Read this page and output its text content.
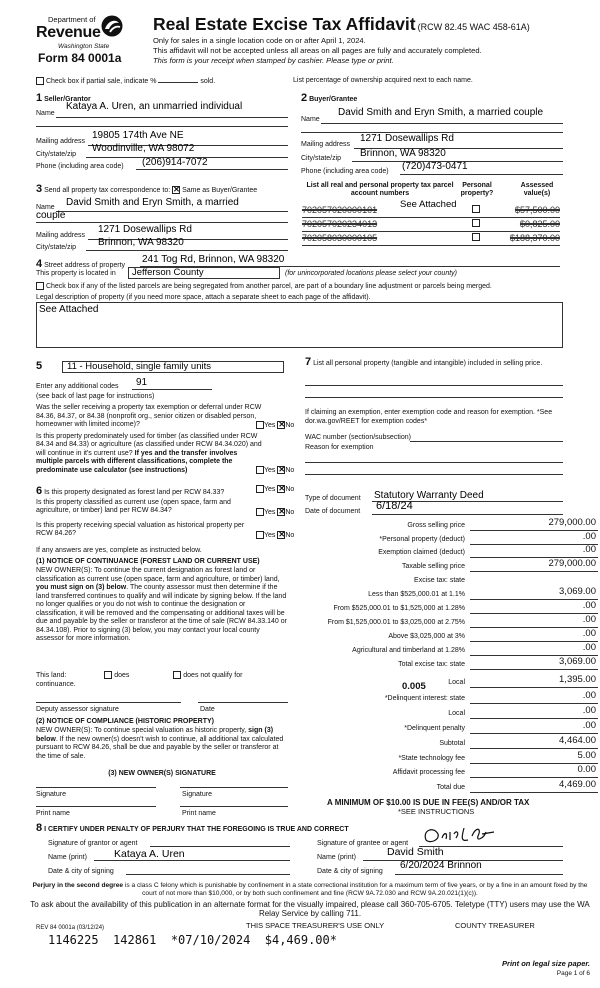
Department of
Revenue
Washington State
Form 84 0001a
Real Estate Excise Tax Affidavit (RCW 82.45 WAC 458-61A)
Only for sales in a single location code on or after April 1, 2024.
This affidavit will not be accepted unless all areas on all pages are fully and accurately completed.
This form is your receipt when stamped by cashier. Please type or print.
Check box if partial sale, indicate %	sold.	List percentage of ownership acquired next to each name.
1 Seller/Grantor
Name
Kataya A. Uren, an unmarried individual
Mailing address
19805 174th Ave NE
City/state/zip
Woodinville, WA 98072
Phone (including area code) (206)914-7072
2 Buyer/Grantee
Name
David Smith and Eryn Smith, a married couple
Mailing address
1271 Dosewallips Rd
City/state/zip Brinnon, WA 98320
Phone (including area code) (720)473-0471
3 Send all property tax correspondence to: ✕ Same as Buyer/Grantee
Name David Smith and Eryn Smith, a married
couple
Mailing address
1271 Dosewallips Rd
City/state/zip Brinnon, WA 98320
List all real and personal property tax parcel account numbers
Personal property?
Assessed value(s)
See Attached
702057020000101	$57,500.00
702057020234013	$0,825.00
702058030000105	$188,370.00
4 Street address of property
241 Tog Rd, Brinnon, WA 98320
This property is located in Jefferson County	(for unincorporated locations please select your county)
Check box if any of the listed parcels are being segregated from another parcel, are part of a boundary line adjustment or parcels being merged.
Legal description of property (if you need more space, attach a separate sheet to each page of the affidavit).
See Attached
5	11 - Household, single family units
Enter any additional codes 91
(see back of last page for instructions)
Was the seller receiving a property tax exemption or deferral under RCW 84.36, 84.37, or 84.38 (nonprofit org., senior citizen or disabled person, homeowner with limited income)?	Yes ✕ No
Is this property predominately used for timber (as classified under RCW 84.34 and 84.33) or agriculture (as classified under RCW 84.34.020) and will continue in it's current use? If yes and the transfer involves multiple parcels with different classifications, complete the predominate use calculator (see instructions)	Yes ✕ No
6 Is this property designated as forest land per RCW 84.33?	Yes ✕ No
Is this property classified as current use (open space, farm and agriculture, or timber) land per RCW 84.34?	Yes ✕ No
Is this property receiving special valuation as historical property per RCW 84.26?	Yes ✕ No
If any answers are yes, complete as instructed below.
(1) NOTICE OF CONTINUANCE (FOREST LAND OR CURRENT USE)
NEW OWNER(S): To continue the current designation as forest land or classification as current use (open space, farm and agriculture, or timber) land, you must sign on (3) below. The county assessor must then determine if the land transferred continues to qualify and will indicate by signing below. If the land no longer qualifies or you do not wish to continue the designation or classification, it will be removed and the compensating or additional taxes will be due and payable by the seller or transferor at the time of sale (RCW 84.33.140 or 84.34.108). Prior to signing (3) below, you may contact your local county assessor for more information.
This land:	does	does not qualify for
continuance.
Deputy assessor signature	Date
(2) NOTICE OF COMPLIANCE (HISTORIC PROPERTY)
NEW OWNER(S): To continue special valuation as historic property, sign (3) below. If the new owner(s) doesn't wish to continue, all additional tax calculated pursuant to RCW 84.26, shall be due and payable by the seller or transferor at the time of sale.
(3) NEW OWNER(S) SIGNATURE
Signature	Signature
Print name	Print name
7 List all personal property (tangible and intangible) included in selling price.
If claiming an exemption, enter exemption code and reason for exemption. *See dor.wa.gov/REET for exemption codes*
WAC number (section/subsection)
Reason for exemption
Type of document Statutory Warranty Deed
Date of document 6/18/24
Gross selling price	279,000.00
*Personal property (deduct)	.00
Exemption claimed (deduct)	.00
Taxable selling price	279,000.00
Excise tax: state
Less than $525,000.01 at 1.1%	3,069.00
From $525,000.01 to $1,525,000 at 1.28%	.00
From $1,525,000.01 to $3,025,000 at 2.75%	.00
Above $3,025,000 at 3%	.00
Agricultural and timberland at 1.28%	.00
Total excise tax: state	3,069.00
Local	1,395.00
*Delinquent interest: state	.00
Local	.00
*Delinquent penalty	.00
Subtotal	4,464.00
*State technology fee	5.00
Affidavit processing fee	0.00
Total due	4,469.00
0.005
A MINIMUM OF $10.00 IS DUE IN FEE(S) AND/OR TAX
*SEE INSTRUCTIONS
8 I CERTIFY UNDER PENALTY OF PERJURY THAT THE FOREGOING IS TRUE AND CORRECT
Signature of grantor or agent	Signature of grantee or agent
Name (print)	Kataya A. Uren	Name (print)	David Smith
Date & city of signing	Date & city of signing
6/20/2024 Brinnon
Perjury in the second degree is a class C felony which is punishable by confinement in a state correctional institution for a maximum term of five years, or by a fine in an amount fixed by the court of not more than $10,000, or by both such confinement and fine (RCW 9A.72.030 and RCW 9A.20.021(1)(c)).
To ask about the availability of this publication in an alternate format for the visually impaired, please call 360-705-6705. Teletype (TTY) users may use the WA Relay Service by calling 711.
REV 84 0001a (03/12/24)	THIS SPACE TREASURER'S USE ONLY	COUNTY TREASURER
1146225  142861  *07/10/2024  $4,469.00*
Print on legal size paper.
Page 1 of 6
